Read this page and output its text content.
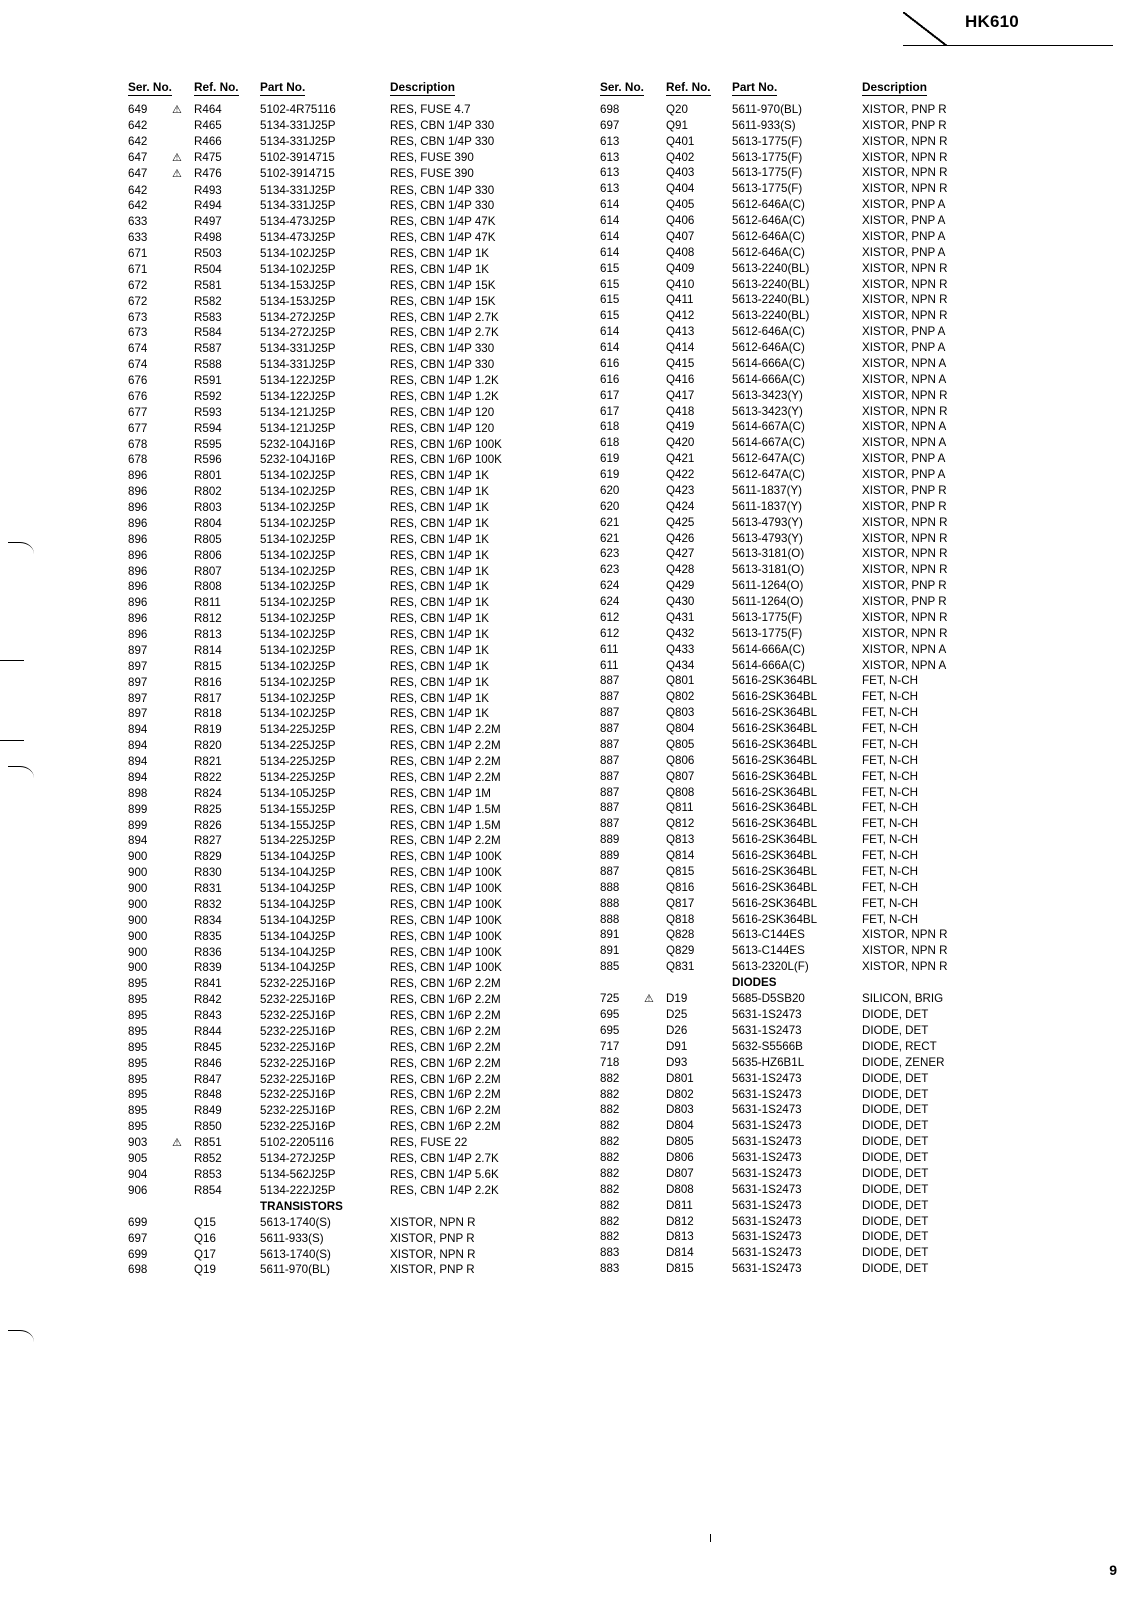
HK610
Ser. No.		Ref. No.	Part No.	Description
649	⚠	R464	5102-4R75116	RES, FUSE 4.7
642		R465	5134-331J25P	RES, CBN 1/4P 330
642		R466	5134-331J25P	RES, CBN 1/4P 330
647	⚠	R475	5102-3914715	RES, FUSE 390
647	⚠	R476	5102-3914715	RES, FUSE 390
642		R493	5134-331J25P	RES, CBN 1/4P 330
642		R494	5134-331J25P	RES, CBN 1/4P 330
633		R497	5134-473J25P	RES, CBN 1/4P 47K
633		R498	5134-473J25P	RES, CBN 1/4P 47K
671		R503	5134-102J25P	RES, CBN 1/4P 1K
671		R504	5134-102J25P	RES, CBN 1/4P 1K
672		R581	5134-153J25P	RES, CBN 1/4P 15K
672		R582	5134-153J25P	RES, CBN 1/4P 15K
673		R583	5134-272J25P	RES, CBN 1/4P 2.7K
673		R584	5134-272J25P	RES, CBN 1/4P 2.7K
674		R587	5134-331J25P	RES, CBN 1/4P 330
674		R588	5134-331J25P	RES, CBN 1/4P 330
676		R591	5134-122J25P	RES, CBN 1/4P 1.2K
676		R592	5134-122J25P	RES, CBN 1/4P 1.2K
677		R593	5134-121J25P	RES, CBN 1/4P 120
677		R594	5134-121J25P	RES, CBN 1/4P 120
678		R595	5232-104J16P	RES, CBN 1/6P 100K
678		R596	5232-104J16P	RES, CBN 1/6P 100K
896		R801	5134-102J25P	RES, CBN 1/4P 1K
896		R802	5134-102J25P	RES, CBN 1/4P 1K
896		R803	5134-102J25P	RES, CBN 1/4P 1K
896		R804	5134-102J25P	RES, CBN 1/4P 1K
896		R805	5134-102J25P	RES, CBN 1/4P 1K
896		R806	5134-102J25P	RES, CBN 1/4P 1K
896		R807	5134-102J25P	RES, CBN 1/4P 1K
896		R808	5134-102J25P	RES, CBN 1/4P 1K
896		R811	5134-102J25P	RES, CBN 1/4P 1K
896		R812	5134-102J25P	RES, CBN 1/4P 1K
896		R813	5134-102J25P	RES, CBN 1/4P 1K
897		R814	5134-102J25P	RES, CBN 1/4P 1K
897		R815	5134-102J25P	RES, CBN 1/4P 1K
897		R816	5134-102J25P	RES, CBN 1/4P 1K
897		R817	5134-102J25P	RES, CBN 1/4P 1K
897		R818	5134-102J25P	RES, CBN 1/4P 1K
894		R819	5134-225J25P	RES, CBN 1/4P 2.2M
894		R820	5134-225J25P	RES, CBN 1/4P 2.2M
894		R821	5134-225J25P	RES, CBN 1/4P 2.2M
894		R822	5134-225J25P	RES, CBN 1/4P 2.2M
898		R824	5134-105J25P	RES, CBN 1/4P 1M
899		R825	5134-155J25P	RES, CBN 1/4P 1.5M
899		R826	5134-155J25P	RES, CBN 1/4P 1.5M
894		R827	5134-225J25P	RES, CBN 1/4P 2.2M
900		R829	5134-104J25P	RES, CBN 1/4P 100K
900		R830	5134-104J25P	RES, CBN 1/4P 100K
900		R831	5134-104J25P	RES, CBN 1/4P 100K
900		R832	5134-104J25P	RES, CBN 1/4P 100K
900		R834	5134-104J25P	RES, CBN 1/4P 100K
900		R835	5134-104J25P	RES, CBN 1/4P 100K
900		R836	5134-104J25P	RES, CBN 1/4P 100K
900		R839	5134-104J25P	RES, CBN 1/4P 100K
895		R841	5232-225J16P	RES, CBN 1/6P 2.2M
895		R842	5232-225J16P	RES, CBN 1/6P 2.2M
895		R843	5232-225J16P	RES, CBN 1/6P 2.2M
895		R844	5232-225J16P	RES, CBN 1/6P 2.2M
895		R845	5232-225J16P	RES, CBN 1/6P 2.2M
895		R846	5232-225J16P	RES, CBN 1/6P 2.2M
895		R847	5232-225J16P	RES, CBN 1/6P 2.2M
895		R848	5232-225J16P	RES, CBN 1/6P 2.2M
895		R849	5232-225J16P	RES, CBN 1/6P 2.2M
895		R850	5232-225J16P	RES, CBN 1/6P 2.2M
903	⚠	R851	5102-2205116	RES, FUSE 22
905		R852	5134-272J25P	RES, CBN 1/4P 2.7K
904		R853	5134-562J25P	RES, CBN 1/4P 5.6K
906		R854	5134-222J25P	RES, CBN 1/4P 2.2K
			TRANSISTORS	
699		Q15	5613-1740(S)	XISTOR, NPN R
697		Q16	5611-933(S)	XISTOR, PNP R
699		Q17	5613-1740(S)	XISTOR, NPN R
698		Q19	5611-970(BL)	XISTOR, PNP R
Ser. No.		Ref. No.	Part No.	Description
698		Q20	5611-970(BL)	XISTOR, PNP R
697		Q91	5611-933(S)	XISTOR, PNP R
613		Q401	5613-1775(F)	XISTOR, NPN R
613		Q402	5613-1775(F)	XISTOR, NPN R
613		Q403	5613-1775(F)	XISTOR, NPN R
613		Q404	5613-1775(F)	XISTOR, NPN R
614		Q405	5612-646A(C)	XISTOR, PNP A
614		Q406	5612-646A(C)	XISTOR, PNP A
614		Q407	5612-646A(C)	XISTOR, PNP A
614		Q408	5612-646A(C)	XISTOR, PNP A
615		Q409	5613-2240(BL)	XISTOR, NPN R
615		Q410	5613-2240(BL)	XISTOR, NPN R
615		Q411	5613-2240(BL)	XISTOR, NPN R
615		Q412	5613-2240(BL)	XISTOR, NPN R
614		Q413	5612-646A(C)	XISTOR, PNP A
614		Q414	5612-646A(C)	XISTOR, PNP A
616		Q415	5614-666A(C)	XISTOR, NPN A
616		Q416	5614-666A(C)	XISTOR, NPN A
617		Q417	5613-3423(Y)	XISTOR, NPN R
617		Q418	5613-3423(Y)	XISTOR, NPN R
618		Q419	5614-667A(C)	XISTOR, NPN A
618		Q420	5614-667A(C)	XISTOR, NPN A
619		Q421	5612-647A(C)	XISTOR, PNP A
619		Q422	5612-647A(C)	XISTOR, PNP A
620		Q423	5611-1837(Y)	XISTOR, PNP R
620		Q424	5611-1837(Y)	XISTOR, PNP R
621		Q425	5613-4793(Y)	XISTOR, NPN R
621		Q426	5613-4793(Y)	XISTOR, NPN R
623		Q427	5613-3181(O)	XISTOR, NPN R
623		Q428	5613-3181(O)	XISTOR, NPN R
624		Q429	5611-1264(O)	XISTOR, PNP R
624		Q430	5611-1264(O)	XISTOR, PNP R
612		Q431	5613-1775(F)	XISTOR, NPN R
612		Q432	5613-1775(F)	XISTOR, NPN R
611		Q433	5614-666A(C)	XISTOR, NPN A
611		Q434	5614-666A(C)	XISTOR, NPN A
887		Q801	5616-2SK364BL	FET, N-CH
887		Q802	5616-2SK364BL	FET, N-CH
887		Q803	5616-2SK364BL	FET, N-CH
887		Q804	5616-2SK364BL	FET, N-CH
887		Q805	5616-2SK364BL	FET, N-CH
887		Q806	5616-2SK364BL	FET, N-CH
887		Q807	5616-2SK364BL	FET, N-CH
887		Q808	5616-2SK364BL	FET, N-CH
887		Q811	5616-2SK364BL	FET, N-CH
887		Q812	5616-2SK364BL	FET, N-CH
889		Q813	5616-2SK364BL	FET, N-CH
889		Q814	5616-2SK364BL	FET, N-CH
887		Q815	5616-2SK364BL	FET, N-CH
888		Q816	5616-2SK364BL	FET, N-CH
888		Q817	5616-2SK364BL	FET, N-CH
888		Q818	5616-2SK364BL	FET, N-CH
891		Q828	5613-C144ES	XISTOR, NPN R
891		Q829	5613-C144ES	XISTOR, NPN R
885		Q831	5613-2320L(F)	XISTOR, NPN R
			DIODES	
725	⚠	D19	5685-D5SB20	SILICON, BRIG
695		D25	5631-1S2473	DIODE, DET
695		D26	5631-1S2473	DIODE, DET
717		D91	5632-S5566B	DIODE, RECT
718		D93	5635-HZ6B1L	DIODE, ZENER
882		D801	5631-1S2473	DIODE, DET
882		D802	5631-1S2473	DIODE, DET
882		D803	5631-1S2473	DIODE, DET
882		D804	5631-1S2473	DIODE, DET
882		D805	5631-1S2473	DIODE, DET
882		D806	5631-1S2473	DIODE, DET
882		D807	5631-1S2473	DIODE, DET
882		D808	5631-1S2473	DIODE, DET
882		D811	5631-1S2473	DIODE, DET
882		D812	5631-1S2473	DIODE, DET
882		D813	5631-1S2473	DIODE, DET
883		D814	5631-1S2473	DIODE, DET
883		D815	5631-1S2473	DIODE, DET
9
